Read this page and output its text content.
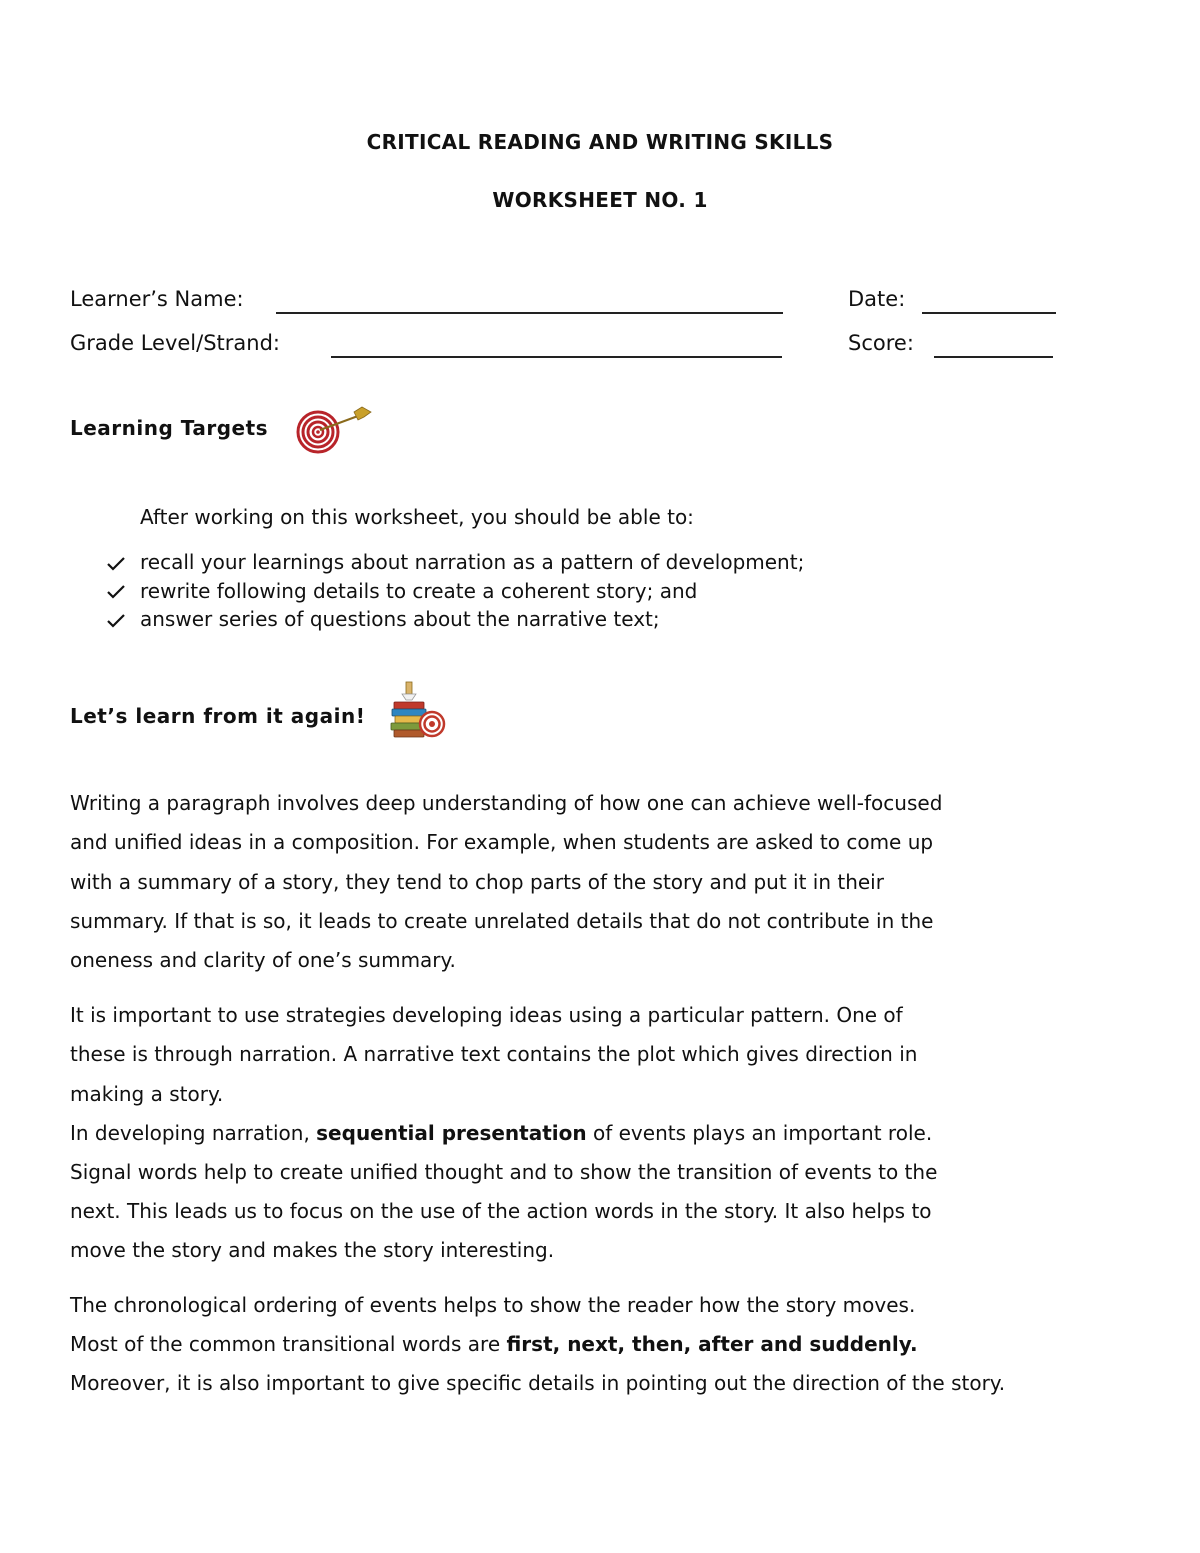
CRITICAL READING AND WRITING SKILLS
WORKSHEET NO. 1
Learner’s Name:	Date:
Grade Level/Strand:	Score:
Learning Targets
After working on this worksheet, you should be able to:
recall your learnings about narration as a pattern of development;
rewrite following details to create a coherent story; and
answer series of questions about the narrative text;
Let’s learn from it again!
Writing a paragraph involves deep understanding of how one can achieve well-focused
and unified ideas in a composition. For example, when students are asked to come up
with a summary of a story, they tend to chop parts of the story and put it in their
summary. If that is so, it leads to create unrelated details that do not contribute in the
oneness and clarity of one’s summary.
It is important to use strategies developing ideas using a particular pattern. One of
these is through narration. A narrative text contains the plot which gives direction in
making a story.
In developing narration, sequential presentation of events plays an important role.
Signal words help to create unified thought and to show the transition of events to the
next. This leads us to focus on the use of the action words in the story. It also helps to
move the story and makes the story interesting.
The chronological ordering of events helps to show the reader how the story moves.
Most of the common transitional words are first, next, then, after and suddenly.
Moreover, it is also important to give specific details in pointing out the direction of the story.
